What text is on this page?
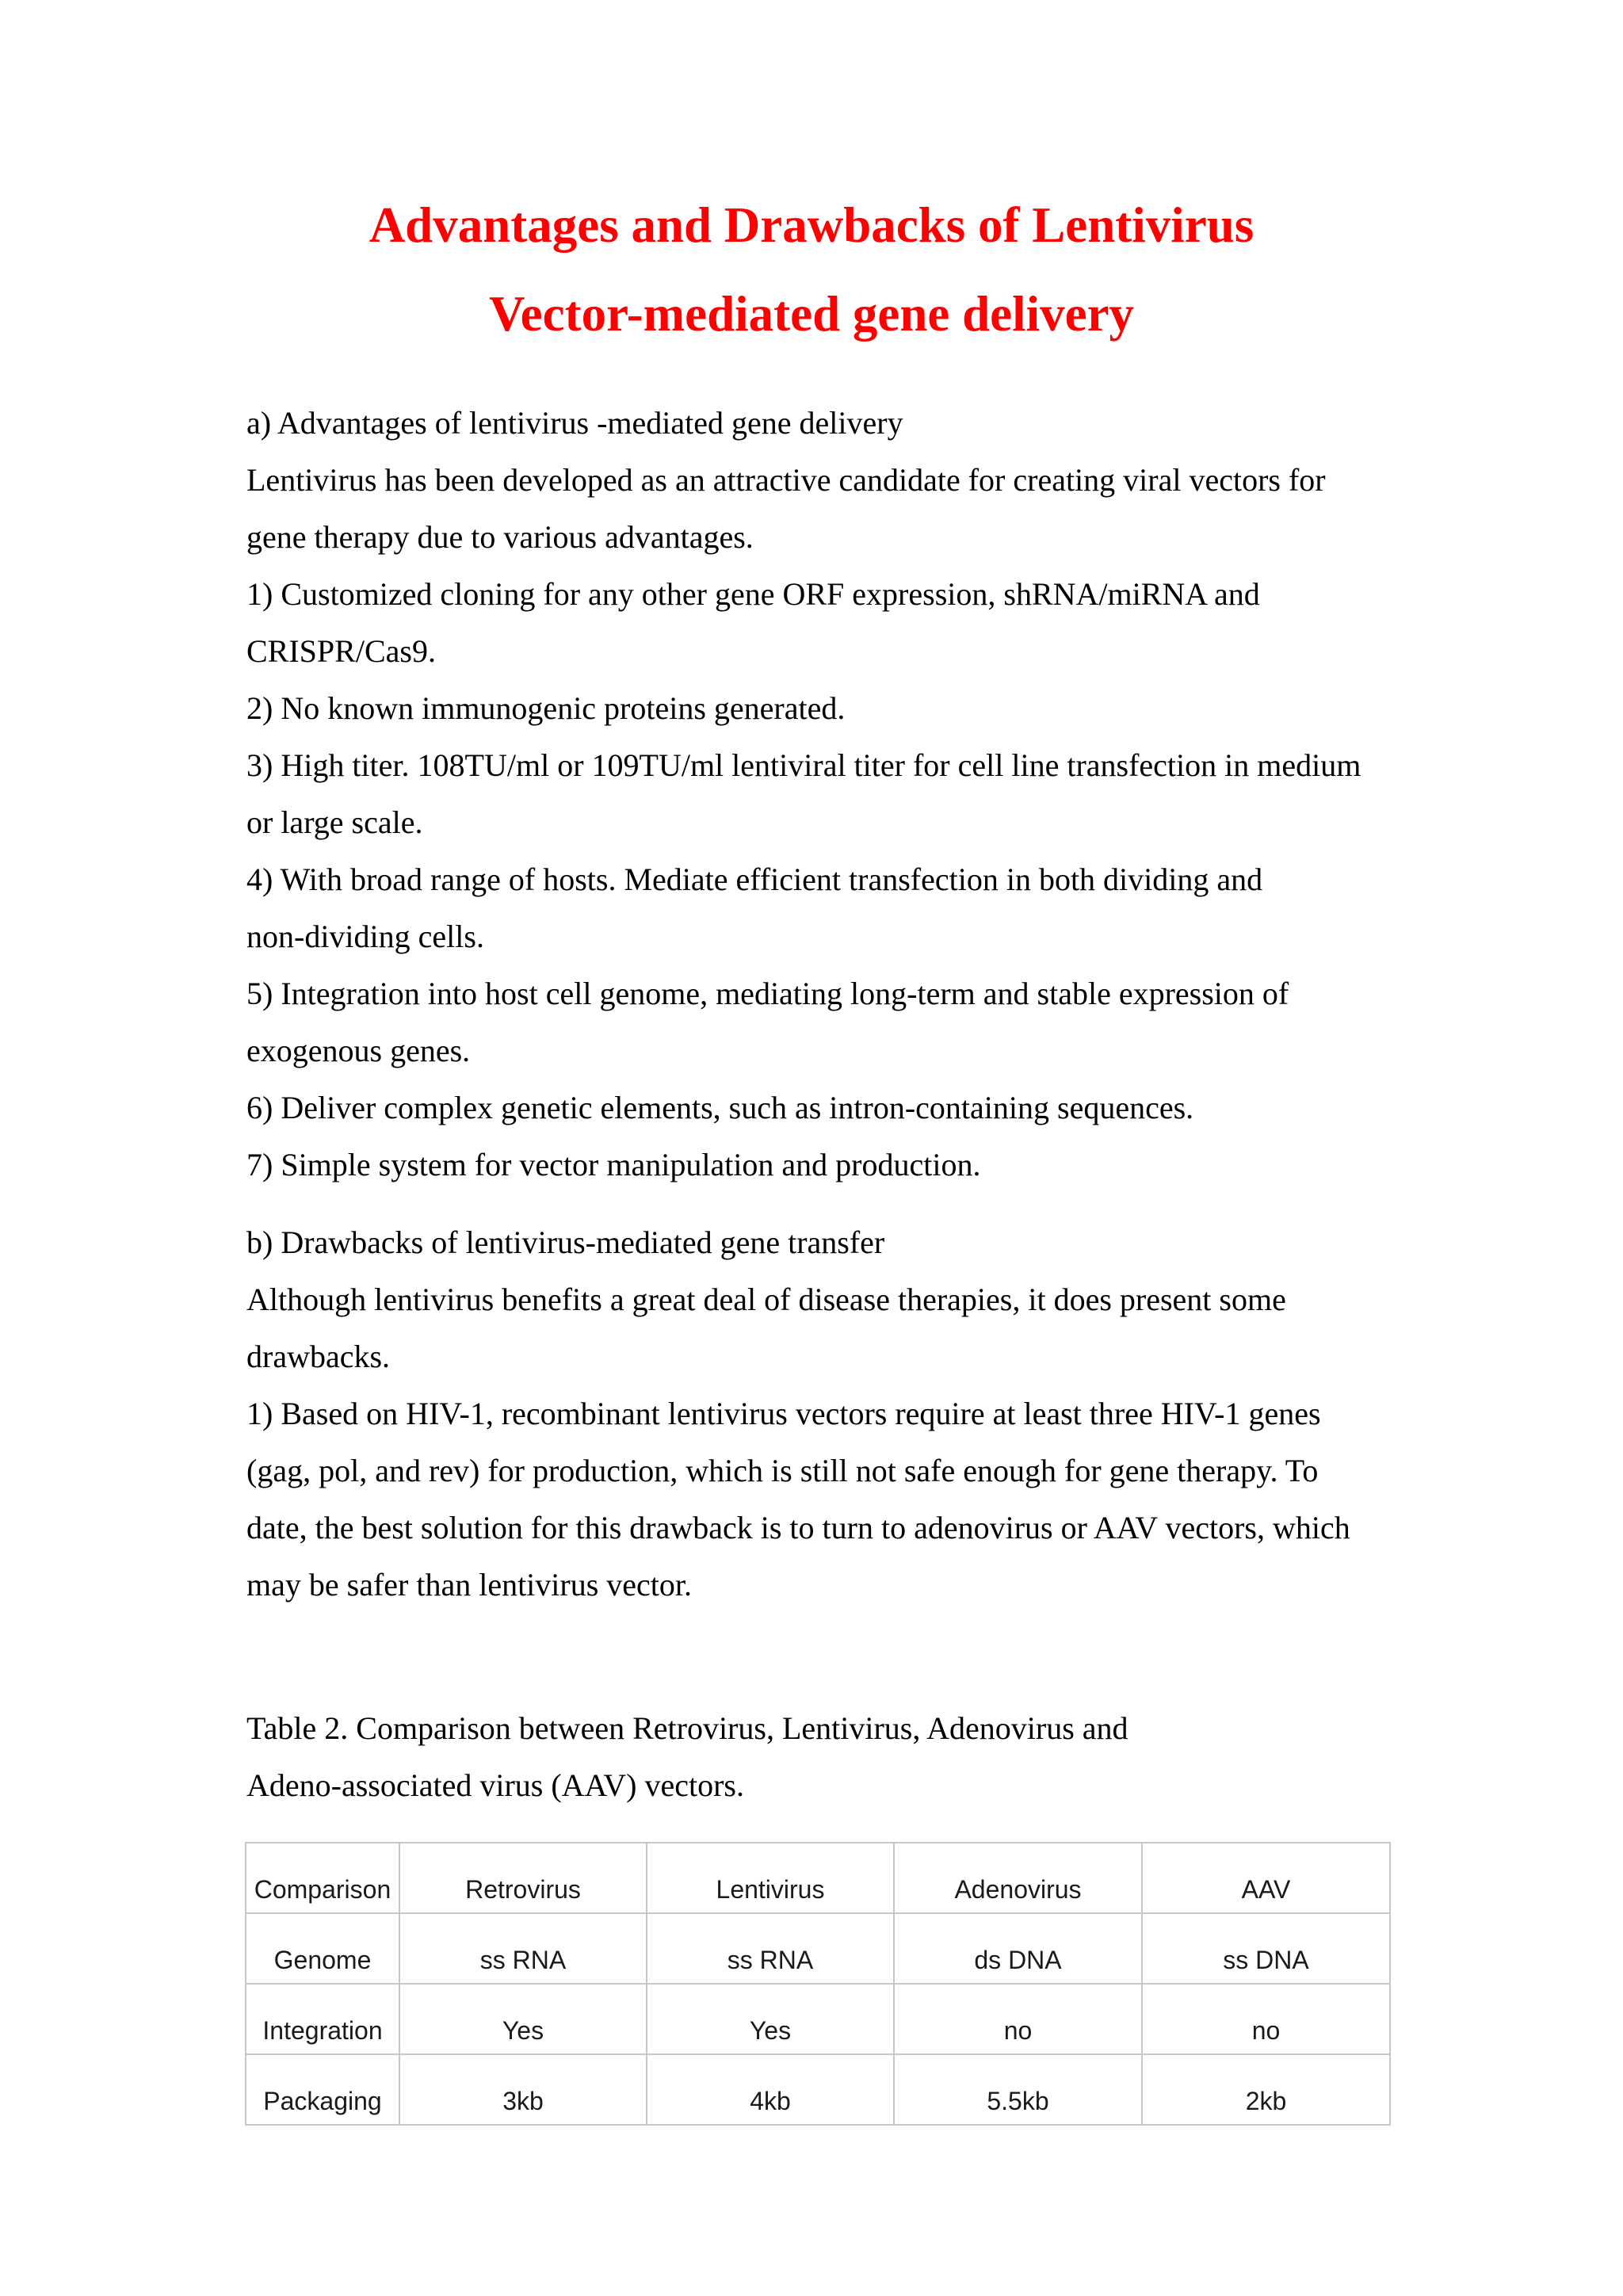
Advantages and Drawbacks of Lentivirus
Vector-mediated gene delivery

a) Advantages of lentivirus -mediated gene delivery

Lentivirus has been developed as an attractive candidate for creating viral vectors for

gene therapy due to various advantages.

1) Customized cloning for any other gene ORF expression, shRNA/miRNA and

CRISPR/Cas9.

2) No known immunogenic proteins generated.

3) High titer. 108TU/ml or 109TU/ml lentiviral titer for cell line transfection in medium

or large scale.

4) With broad range of hosts. Mediate efficient transfection in both dividing and

non-dividing cells.

5) Integration into host cell genome, mediating long-term and stable expression of

exogenous genes.

6) Deliver complex genetic elements, such as intron-containing sequences.

7) Simple system for vector manipulation and production.

b) Drawbacks of lentivirus-mediated gene transfer

Although lentivirus benefits a great deal of disease therapies, it does present some

drawbacks.

1) Based on HIV-1, recombinant lentivirus vectors require at least three HIV-1 genes

(gag, pol, and rev) for production, which is still not safe enough for gene therapy. To

date, the best solution for this drawback is to turn to adenovirus or AAV vectors, which

may be safer than lentivirus vector.

Table 2. Comparison between Retrovirus, Lentivirus, Adenovirus and

Adeno-associated virus (AAV) vectors.

Comparison	Retrovirus	Lentivirus	Adenovirus	AAV
Genome	ss RNA	ss RNA	ds DNA	ss DNA
Integration	Yes	Yes	no	no
Packaging	3kb	4kb	5.5kb	2kb
